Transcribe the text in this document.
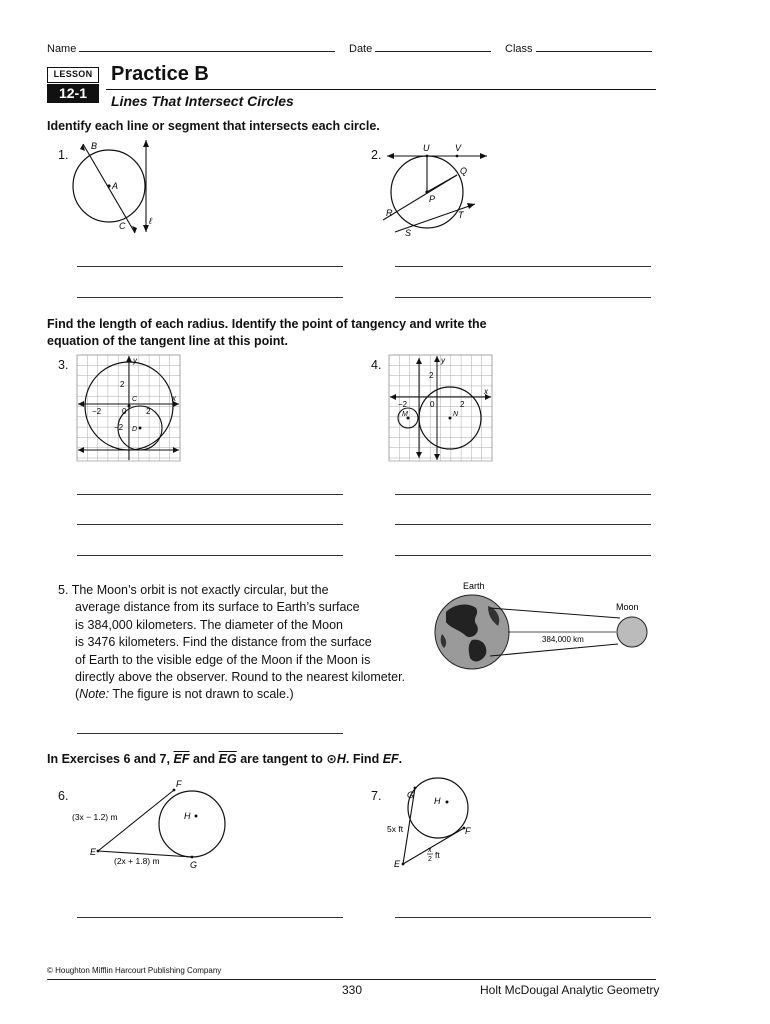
Name	Date	Class
LESSON
12-1
Practice B
Lines That Intersect Circles
Identify each line or segment that intersects each circle.
1.	2.
B
A
C	ℓ
U	V
Q
P
R
S
T
Find the length of each radius. Identify the point of tangency and write the
equation of the tangent line at this point.
3.	4.
y
x
2
−2	0 2
−2
C
D
y
x
2
−2	0	2
N
M
5. The Moon’s orbit is not exactly circular, but the
average distance from its surface to Earth’s surface
is 384,000 kilometers. The diameter of the Moon
is 3476 kilometers. Find the distance from the surface
of Earth to the visible edge of the Moon if the Moon is
directly above the observer. Round to the nearest kilometer.
(Note: The figure is not drawn to scale.)
Earth
Moon
384,000 km
In Exercises 6 and 7, $\overline{EF}$ and $\overline{EG}$ are tangent to ⊙H. Find EF.
6.	7.
F
E
G
H
(3x − 1.2) m
(2x + 1.8) m
G
H
F
E
5x ft
x
2 ft
© Houghton Mifflin Harcourt Publishing Company
330	Holt McDougal Analytic Geometry
